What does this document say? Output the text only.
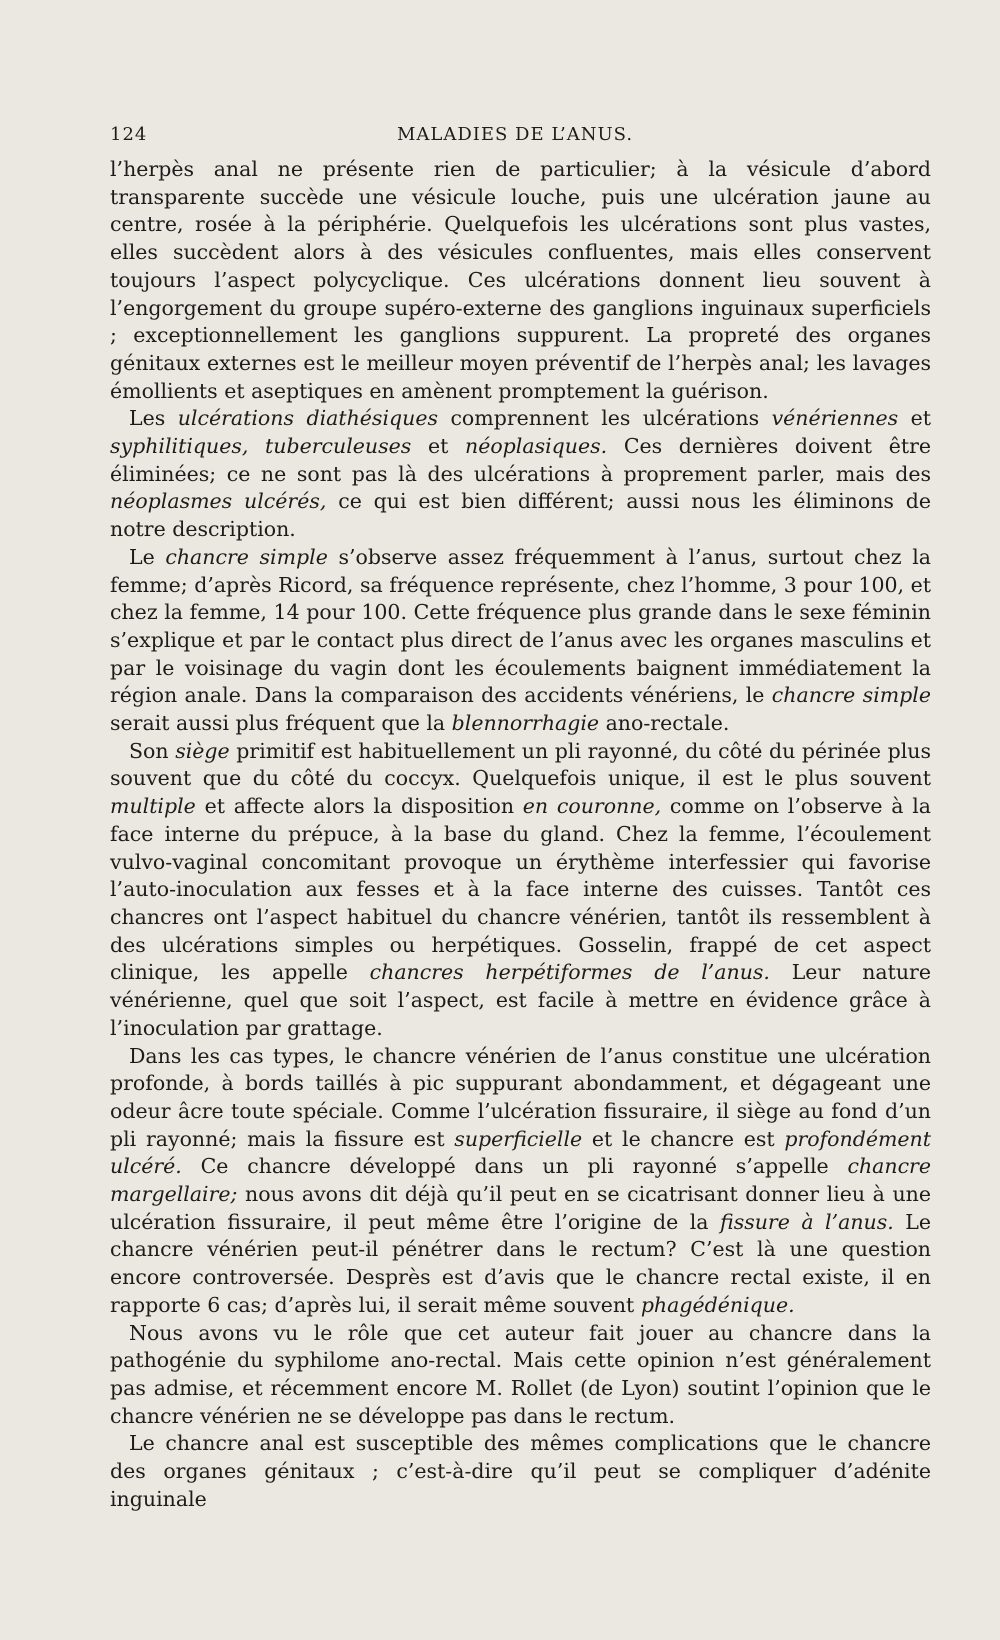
124	MALADIES DE L’ANUS.

l’herpès anal ne présente rien de particulier; à la vésicule d’abord transparente succède une vésicule louche, puis une ulcération jaune au centre, rosée à la périphérie. Quelquefois les ulcérations sont plus vastes, elles succèdent alors à des vésicules confluentes, mais elles conservent toujours l’aspect polycyclique. Ces ulcérations donnent lieu souvent à l’engorgement du groupe supéro-externe des ganglions inguinaux superficiels ; exceptionnellement les ganglions suppurent. La propreté des organes génitaux externes est le meilleur moyen préventif de l’herpès anal; les lavages émollients et aseptiques en amènent promptement la guérison.

Les ulcérations diathésiques comprennent les ulcérations vénériennes et syphilitiques, tuberculeuses et néoplasiques. Ces dernières doivent être éliminées; ce ne sont pas là des ulcérations à proprement parler, mais des néoplasmes ulcérés, ce qui est bien différent; aussi nous les éliminons de notre description.

Le chancre simple s’observe assez fréquemment à l’anus, surtout chez la femme; d’après Ricord, sa fréquence représente, chez l’homme, 3 pour 100, et chez la femme, 14 pour 100. Cette fréquence plus grande dans le sexe féminin s’explique et par le contact plus direct de l’anus avec les organes masculins et par le voisinage du vagin dont les écoulements baignent immédiatement la région anale. Dans la comparaison des accidents vénériens, le chancre simple serait aussi plus fréquent que la blennorrhagie ano-rectale.

Son siège primitif est habituellement un pli rayonné, du côté du périnée plus souvent que du côté du coccyx. Quelquefois unique, il est le plus souvent multiple et affecte alors la disposition en couronne, comme on l’observe à la face interne du prépuce, à la base du gland. Chez la femme, l’écoulement vulvo-vaginal concomitant provoque un érythème interfessier qui favorise l’auto-inoculation aux fesses et à la face interne des cuisses. Tantôt ces chancres ont l’aspect habituel du chancre vénérien, tantôt ils ressemblent à des ulcérations simples ou herpétiques. Gosselin, frappé de cet aspect clinique, les appelle chancres herpétiformes de l’anus. Leur nature vénérienne, quel que soit l’aspect, est facile à mettre en évidence grâce à l’inoculation par grattage.

Dans les cas types, le chancre vénérien de l’anus constitue une ulcération profonde, à bords taillés à pic suppurant abondamment, et dégageant une odeur âcre toute spéciale. Comme l’ulcération fissuraire, il siège au fond d’un pli rayonné; mais la fissure est superficielle et le chancre est profondément ulcéré. Ce chancre développé dans un pli rayonné s’appelle chancre margellaire; nous avons dit déjà qu’il peut en se cicatrisant donner lieu à une ulcération fissuraire, il peut même être l’origine de la fissure à l’anus. Le chancre vénérien peut-il pénétrer dans le rectum? C’est là une question encore controversée. Desprès est d’avis que le chancre rectal existe, il en rapporte 6 cas; d’après lui, il serait même souvent phagédénique.

Nous avons vu le rôle que cet auteur fait jouer au chancre dans la pathogénie du syphilome ano-rectal. Mais cette opinion n’est généralement pas admise, et récemment encore M. Rollet (de Lyon) soutint l’opinion que le chancre vénérien ne se développe pas dans le rectum.

Le chancre anal est susceptible des mêmes complications que le chancre des organes génitaux ; c’est-à-dire qu’il peut se compliquer d’adénite inguinale
